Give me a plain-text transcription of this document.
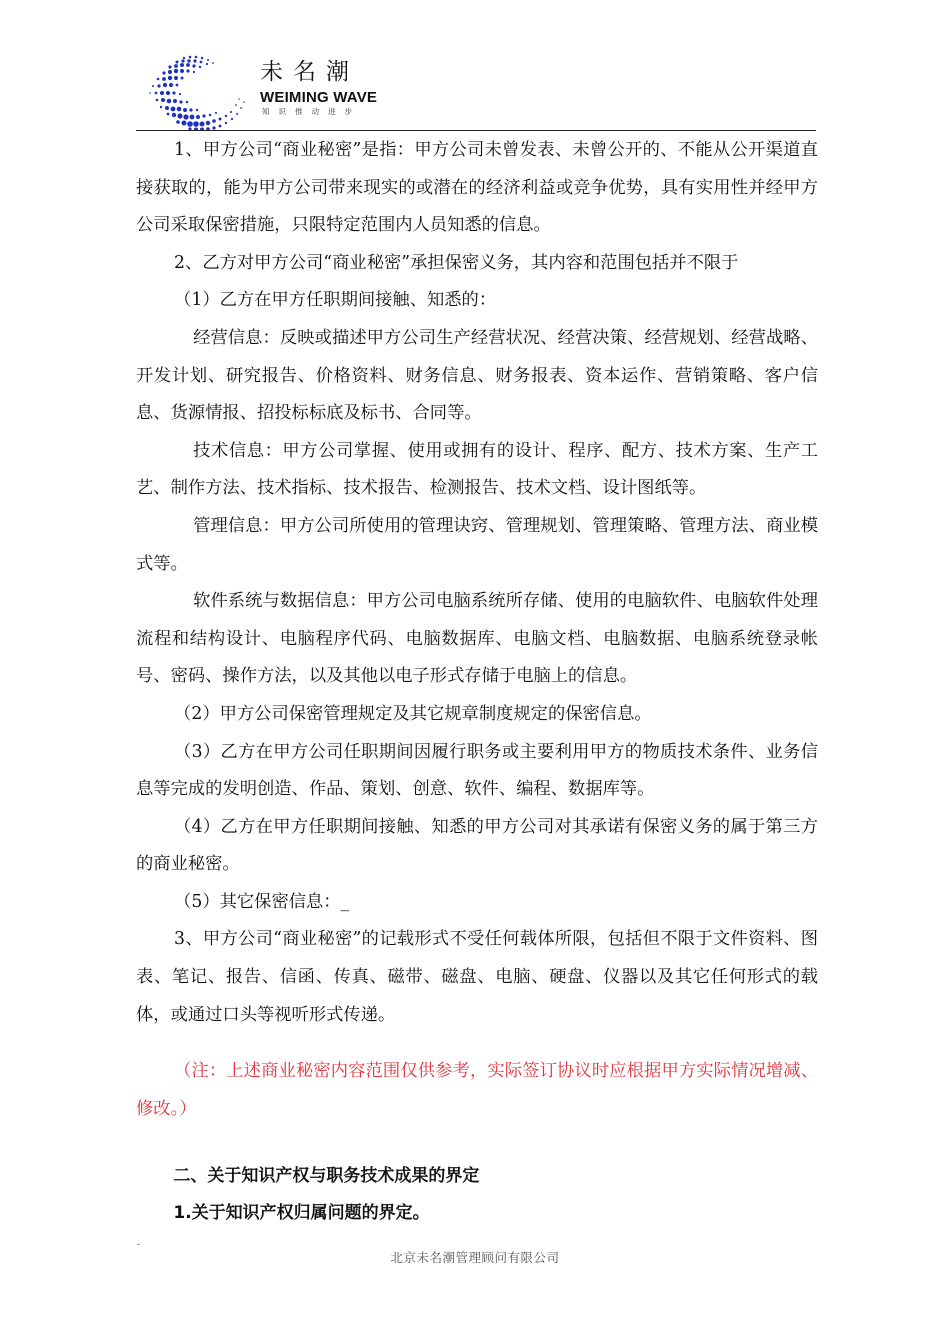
未名潮
WEIMING WAVE
知识推动进步

1、甲方公司“商业秘密”是指：甲方公司未曾发表、未曾公开的、不能从公开渠道直接获取的，能为甲方公司带来现实的或潜在的经济利益或竞争优势，具有实用性并经甲方公司采取保密措施，只限特定范围内人员知悉的信息。

2、乙方对甲方公司“商业秘密”承担保密义务，其内容和范围包括并不限于

（1）乙方在甲方任职期间接触、知悉的：

经营信息：反映或描述甲方公司生产经营状况、经营决策、经营规划、经营战略、开发计划、研究报告、价格资料、财务信息、财务报表、资本运作、营销策略、客户信息、货源情报、招投标标底及标书、合同等。

技术信息：甲方公司掌握、使用或拥有的设计、程序、配方、技术方案、生产工艺、制作方法、技术指标、技术报告、检测报告、技术文档、设计图纸等。

管理信息：甲方公司所使用的管理诀窍、管理规划、管理策略、管理方法、商业模式等。

软件系统与数据信息：甲方公司电脑系统所存储、使用的电脑软件、电脑软件处理流程和结构设计、电脑程序代码、电脑数据库、电脑文档、电脑数据、电脑系统登录帐号、密码、操作方法，以及其他以电子形式存储于电脑上的信息。

（2）甲方公司保密管理规定及其它规章制度规定的保密信息。

（3）乙方在甲方公司任职期间因履行职务或主要利用甲方的物质技术条件、业务信息等完成的发明创造、作品、策划、创意、软件、编程、数据库等。

（4）乙方在甲方任职期间接触、知悉的甲方公司对其承诺有保密义务的属于第三方的商业秘密。

（5）其它保密信息：_

3、甲方公司“商业秘密”的记载形式不受任何载体所限，包括但不限于文件资料、图表、笔记、报告、信函、传真、磁带、磁盘、电脑、硬盘、仪器以及其它任何形式的载体，或通过口头等视听形式传递。

（注：上述商业秘密内容范围仅供参考，实际签订协议时应根据甲方实际情况增减、修改。）

二、关于知识产权与职务技术成果的界定

1.关于知识产权归属问题的界定。

-
北京未名潮管理顾问有限公司
